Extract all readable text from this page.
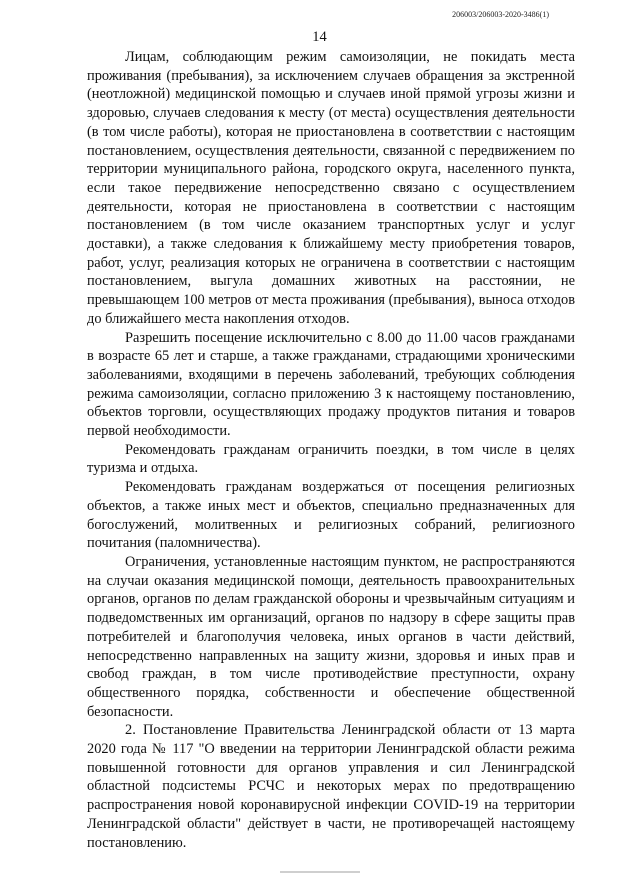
206003/206003-2020-3486(1)
14

Лицам, соблюдающим режим самоизоляции, не покидать места проживания (пребывания), за исключением случаев обращения за экстренной (неотложной) медицинской помощью и случаев иной прямой угрозы жизни и здоровью, случаев следования к месту (от места) осуществления деятельности (в том числе работы), которая не приостановлена в соответствии с настоящим постановлением, осуществления деятельности, связанной с передвижением по территории муниципального района, городского округа, населенного пункта, если такое передвижение непосредственно связано с осуществлением деятельности, которая не приостановлена в соответствии с настоящим постановлением (в том числе оказанием транспортных услуг и услуг доставки), а также следования к ближайшему месту приобретения товаров, работ, услуг, реализация которых не ограничена в соответствии с настоящим постановлением, выгула домашних животных на расстоянии, не превышающем 100 метров от места проживания (пребывания), выноса отходов до ближайшего места накопления отходов.

Разрешить посещение исключительно с 8.00 до 11.00 часов гражданами в возрасте 65 лет и старше, а также гражданами, страдающими хроническими заболеваниями, входящими в перечень заболеваний, требующих соблюдения режима самоизоляции, согласно приложению 3 к настоящему постановлению, объектов торговли, осуществляющих продажу продуктов питания и товаров первой необходимости.

Рекомендовать гражданам ограничить поездки, в том числе в целях туризма и отдыха.

Рекомендовать гражданам воздержаться от посещения религиозных объектов, а также иных мест и объектов, специально предназначенных для богослужений, молитвенных и религиозных собраний, религиозного почитания (паломничества).

Ограничения, установленные настоящим пунктом, не распространяются на случаи оказания медицинской помощи, деятельность правоохранительных органов, органов по делам гражданской обороны и чрезвычайным ситуациям и подведомственных им организаций, органов по надзору в сфере защиты прав потребителей и благополучия человека, иных органов в части действий, непосредственно направленных на защиту жизни, здоровья и иных прав и свобод граждан, в том числе противодействие преступности, охрану общественного порядка, собственности и обеспечение общественной безопасности.

2. Постановление Правительства Ленинградской области от 13 марта 2020 года № 117 "О введении на территории Ленинградской области режима повышенной готовности для органов управления и сил Ленинградской областной подсистемы РСЧС и некоторых мерах по предотвращению распространения новой коронавирусной инфекции COVID-19 на территории Ленинградской области" действует в части, не противоречащей настоящему постановлению.
